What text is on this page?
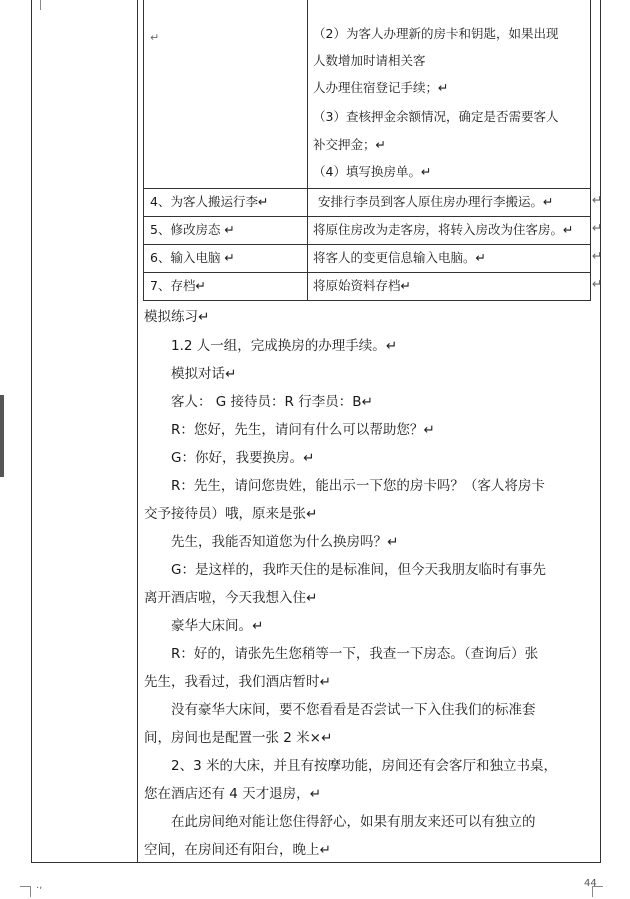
↵	（2）为客人办理新的房卡和钥匙，如果出现
人数增加时请相关客
人办理住宿登记手续；↵
（3）查核押金余额情况，确定是否需要客人
补交押金；↵
（4）填写换房单。↵
4、为客人搬运行李↵	安排行李员到客人原住房办理行李搬运。↵
5、修改房态 ↵	将原住房改为走客房，将转入房改为住客房。↵
6、输入电脑 ↵	将客人的变更信息输入电脑。↵
7、存档↵	将原始资料存档↵
↵
↵
↵
↵
模拟练习↵
　　1.2 人一组，完成换房的办理手续。↵
　　模拟对话↵
　　客人： G 接待员：R 行李员：B↵
　　R：您好，先生，请问有什么可以帮助您？↵
　　G：你好，我要换房。↵
　　R：先生，请问您贵姓，能出示一下您的房卡吗？（客人将房卡
交予接待员）哦，原来是张↵
　　先生，我能否知道您为什么换房吗？↵
　　G：是这样的，我昨天住的是标准间，但今天我朋友临时有事先
离开酒店啦，今天我想入住↵
　　豪华大床间。↵
　　R：好的，请张先生您稍等一下，我查一下房态。（查询后）张
先生，我看过，我们酒店暂时↵
　　没有豪华大床间，要不您看看是否尝试一下入住我们的标准套
间，房间也是配置一张 2 米×↵
　　2、3 米的大床，并且有按摩功能，房间还有会客厅和独立书桌，
您在酒店还有 4 天才退房，↵
　　在此房间绝对能让您住得舒心，如果有朋友来还可以有独立的
空间，在房间还有阳台，晚上↵
.,	44
